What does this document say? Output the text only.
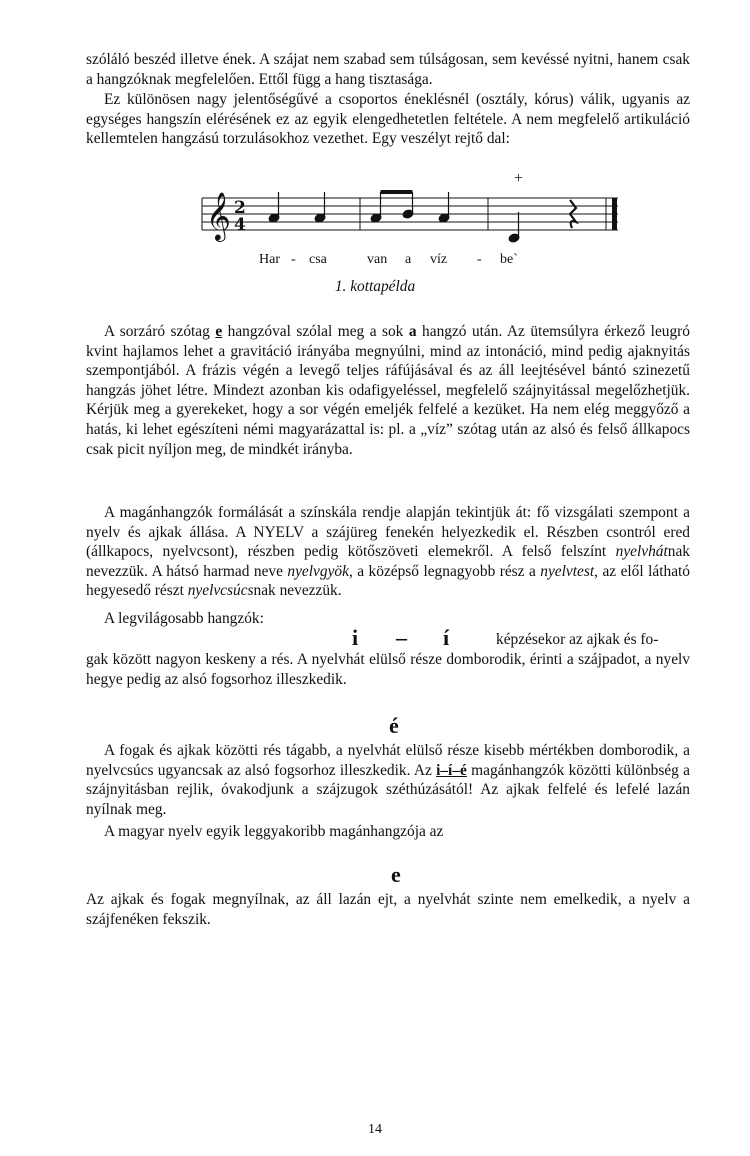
szóláló beszéd illetve ének. A szájat nem szabad sem túlságosan, sem kevéssé nyitni, hanem csak a hangzóknak megfelelően. Ettől függ a hang tisztasága.

Ez különösen nagy jelentőségűvé a csoportos éneklésnél (osztály, kórus) válik, ugyanis az egységes hangszín elérésének ez az egyik elengedhetetlen feltétele. A nem megfelelő artikuláció kellemtelen hangzású torzulásokhoz vezethet. Egy veszélyt rejtő dal:

+
𝄞 2
4
Har - csa	van a víz - be`
1. kottapélda

A sorzáró szótag e hangzóval szólal meg a sok a hangzó után. Az ütemsúlyra érkező leugró kvint hajlamos lehet a gravitáció irányába megnyúlni, mind az intonáció, mind pedig ajaknyitás szempontjából. A frázis végén a levegő teljes ráfújásával és az áll leejtésével bántó szinezetű hangzás jöhet létre. Mindezt azonban kis odafigyeléssel, megfelelő szájnyitással megelőzhetjük. Kérjük meg a gyerekeket, hogy a sor végén emeljék felfelé a kezüket. Ha nem elég meggyőző a hatás, ki lehet egészíteni némi magyarázattal is: pl. a „víz” szótag után az alsó és felső állkapocs csak picit nyíljon meg, de mindkét irányba.

A magánhangzók formálását a színskála rendje alapján tekintjük át: fő vizsgálati szempont a nyelv és ajkak állása. A NYELV a szájüreg fenekén helyezkedik el. Részben csontról ered (állkapocs, nyelvcsont), részben pedig kötőszöveti elemekről. A felső felszínt nyelvhátnak nevezzük. A hátsó harmad neve nyelvgyök, a középső legnagyobb rész a nyelvtest, az elől látható hegyesedő részt nyelvcsúcsnak nevezzük.

A legvilágosabb hangzók:

i – í	képzésekor az ajkak és fo-

gak között nagyon keskeny a rés. A nyelvhát elülső része domborodik, érinti a szájpadot, a nyelv hegye pedig az alsó fogsorhoz illeszkedik.

é

A fogak és ajkak közötti rés tágabb, a nyelvhát elülső része kisebb mértékben domborodik, a nyelvcsúcs ugyancsak az alsó fogsorhoz illeszkedik. Az i–í–é magánhangzók közötti különbség a szájnyitásban rejlik, óvakodjunk a szájzugok széthúzásától! Az ajkak felfelé és lefelé lazán nyílnak meg.

A magyar nyelv egyik leggyakoribb magánhangzója az

e

Az ajkak és fogak megnyílnak, az áll lazán ejt, a nyelvhát szinte nem emelkedik, a nyelv a szájfenéken fekszik.

14
